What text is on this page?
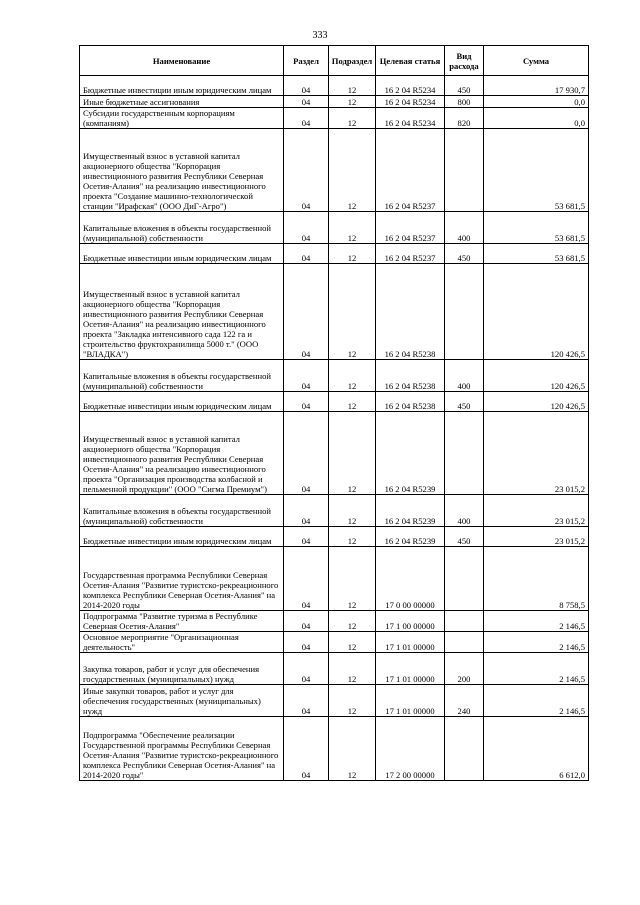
333
Наименование	Раздел	Подраздел	Целевая статья	Вид расхода	Сумма
Бюджетные инвестиции иным юридическим лицам	04	12	16 2 04 R5234	450	17 930,7
Иные бюджетные ассигнования	04	12	16 2 04 R5234	800	0,0
Субсидии государственным корпорациям (компаниям)	04	12	16 2 04 R5234	820	0,0
Имущественный взнос в уставной капитал акционерного общества "Корпорация инвестиционного развития Республики Северная Осетия-Алания" на реализацию инвестиционного проекта "Создание машинно-технологической станции "Ирафская" (ООО ДиГ-Агро")	04	12	16 2 04 R5237		53 681,5
Капитальные вложения в объекты государственной (муниципальной) собственности	04	12	16 2 04 R5237	400	53 681,5
Бюджетные инвестиции иным юридическим лицам	04	12	16 2 04 R5237	450	53 681,5
Имущественный взнос в уставной капитал акционерного общества "Корпорация инвестиционного развития Республики Северная Осетия-Алания" на реализацию инвестиционного проекта "Закладка интенсивного сада 122 га и строительство фруктохранилища 5000 т." (ООО "ВЛАДКА")	04	12	16 2 04 R5238		120 426,5
Капитальные вложения в объекты государственной (муниципальной) собственности	04	12	16 2 04 R5238	400	120 426,5
Бюджетные инвестиции иным юридическим лицам	04	12	16 2 04 R5238	450	120 426,5
Имущественный взнос в уставной капитал акционерного общества "Корпорация инвестиционного развития Республики Северная Осетия-Алания" на реализацию инвестиционного проекта "Организация производства колбасной и пельменной продукции" (ООО "Сигма Премиум")	04	12	16 2 04 R5239		23 015,2
Капитальные вложения в объекты государственной (муниципальной) собственности	04	12	16 2 04 R5239	400	23 015,2
Бюджетные инвестиции иным юридическим лицам	04	12	16 2 04 R5239	450	23 015,2
Государственная программа Республики Северная Осетия-Алания "Развитие туристско-рекреационного комплекса Республики Северная Осетия-Алания" на 2014-2020 годы	04	12	17 0 00 00000		8 758,5
Подпрограмма "Развитие туризма в Республике Северная Осетия-Алания"	04	12	17 1 00 00000		2 146,5
Основное мероприятие "Организационная деятельность"	04	12	17 1 01 00000		2 146,5
Закупка товаров, работ и услуг для обеспечения государственных (муниципальных) нужд	04	12	17 1 01 00000	200	2 146,5
Иные закупки товаров, работ и услуг для обеспечения государственных (муниципальных) нужд	04	12	17 1 01 00000	240	2 146,5
Подпрограмма "Обеспечение реализации Государственной программы Республики Северная Осетия-Алания "Развитие туристско-рекреационного комплекса Республики Северная Осетия-Алания" на 2014-2020 годы"	04	12	17 2 00 00000		6 612,0
